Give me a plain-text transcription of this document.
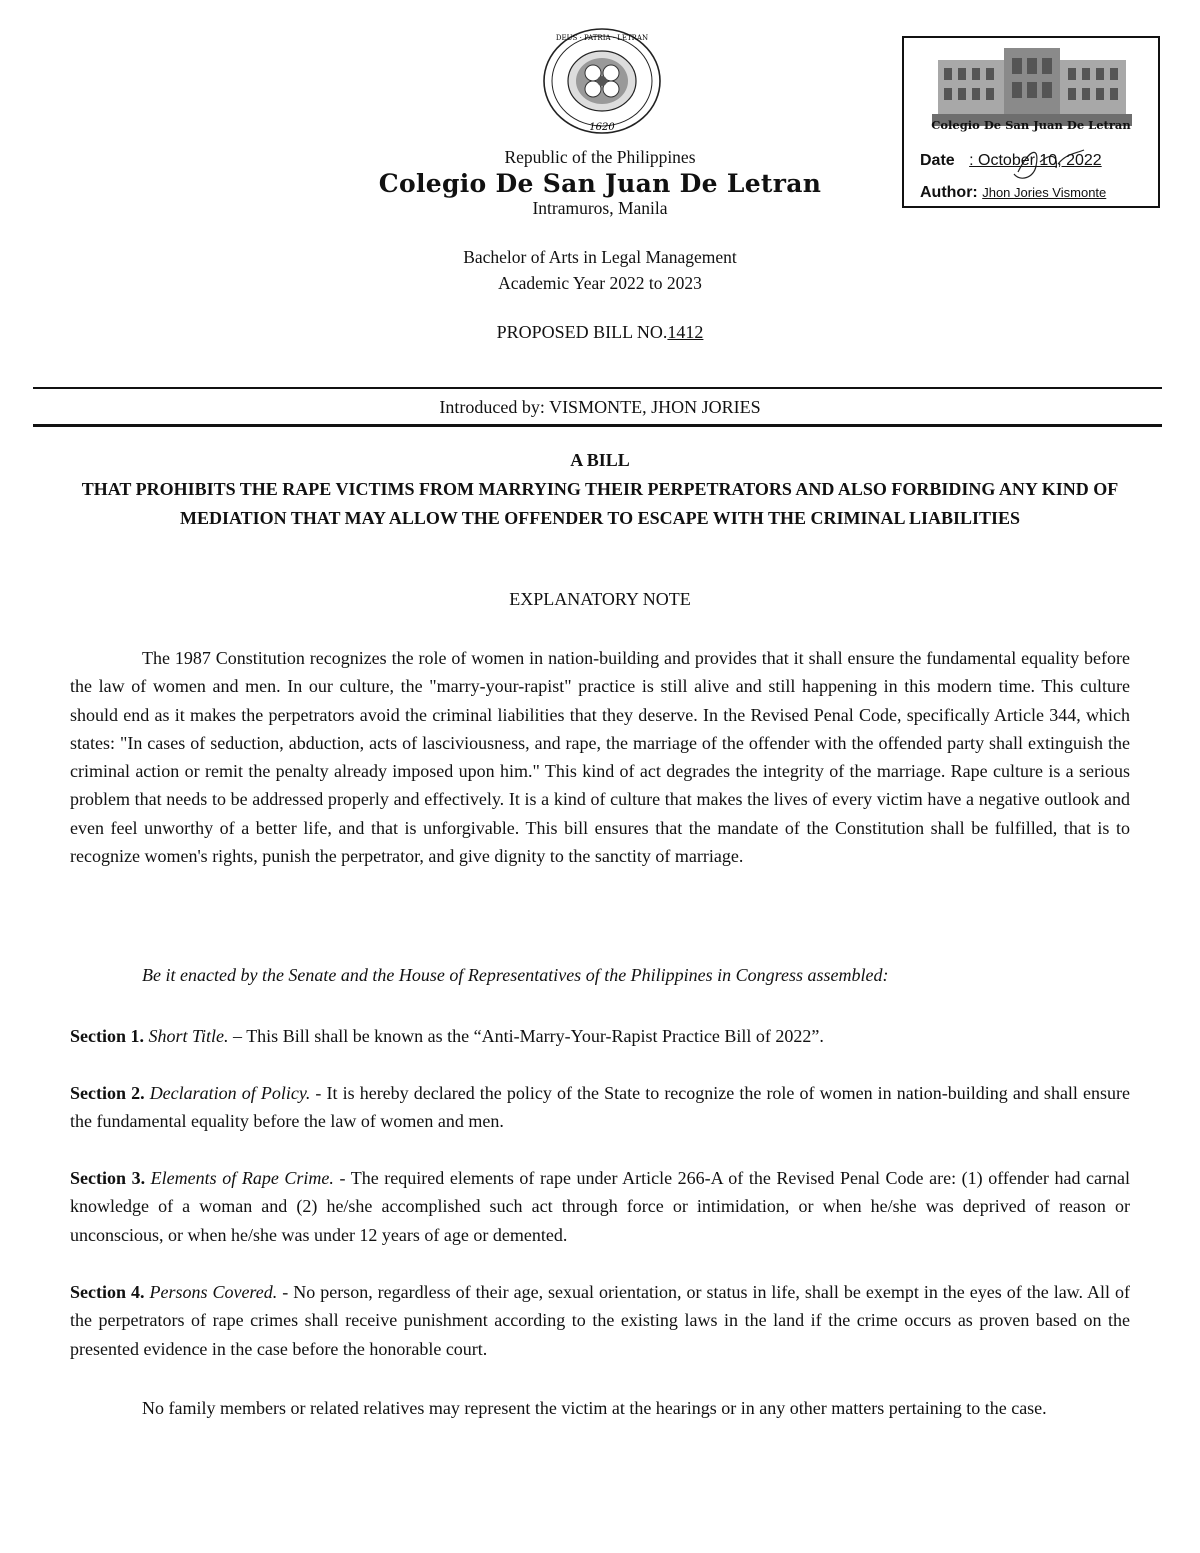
1620
DEUS · PATRIA · LETRAN
Republic of the Philippines
Colegio De San Juan De Letran
Intramuros, Manila
Bachelor of Arts in Legal Management
Academic Year 2022 to 2023
PROPOSED BILL NO.1412
Colegio De San Juan De Letran
Date : October 10, 2022
Author: Jhon Jories Vismonte
Introduced by: VISMONTE, JHON JORIES
A BILL
THAT PROHIBITS THE RAPE VICTIMS FROM MARRYING THEIR PERPETRATORS AND ALSO FORBIDING ANY KIND OF MEDIATION THAT MAY ALLOW THE OFFENDER TO ESCAPE WITH THE CRIMINAL LIABILITIES
EXPLANATORY NOTE
The 1987 Constitution recognizes the role of women in nation-building and provides that it shall ensure the fundamental equality before the law of women and men. In our culture, the "marry-your-rapist" practice is still alive and still happening in this modern time. This culture should end as it makes the perpetrators avoid the criminal liabilities that they deserve. In the Revised Penal Code, specifically Article 344, which states: "In cases of seduction, abduction, acts of lasciviousness, and rape, the marriage of the offender with the offended party shall extinguish the criminal action or remit the penalty already imposed upon him." This kind of act degrades the integrity of the marriage. Rape culture is a serious problem that needs to be addressed properly and effectively. It is a kind of culture that makes the lives of every victim have a negative outlook and even feel unworthy of a better life, and that is unforgivable. This bill ensures that the mandate of the Constitution shall be fulfilled, that is to recognize women's rights, punish the perpetrator, and give dignity to the sanctity of marriage.
Be it enacted by the Senate and the House of Representatives of the Philippines in Congress assembled:
Section 1. Short Title. – This Bill shall be known as the “Anti-Marry-Your-Rapist Practice Bill of 2022”.
Section 2. Declaration of Policy. - It is hereby declared the policy of the State to recognize the role of women in nation-building and shall ensure the fundamental equality before the law of women and men.
Section 3. Elements of Rape Crime. - The required elements of rape under Article 266-A of the Revised Penal Code are: (1) offender had carnal knowledge of a woman and (2) he/she accomplished such act through force or intimidation, or when he/she was deprived of reason or unconscious, or when he/she was under 12 years of age or demented.
Section 4. Persons Covered. - No person, regardless of their age, sexual orientation, or status in life, shall be exempt in the eyes of the law. All of the perpetrators of rape crimes shall receive punishment according to the existing laws in the land if the crime occurs as proven based on the presented evidence in the case before the honorable court.
No family members or related relatives may represent the victim at the hearings or in any other matters pertaining to the case.
